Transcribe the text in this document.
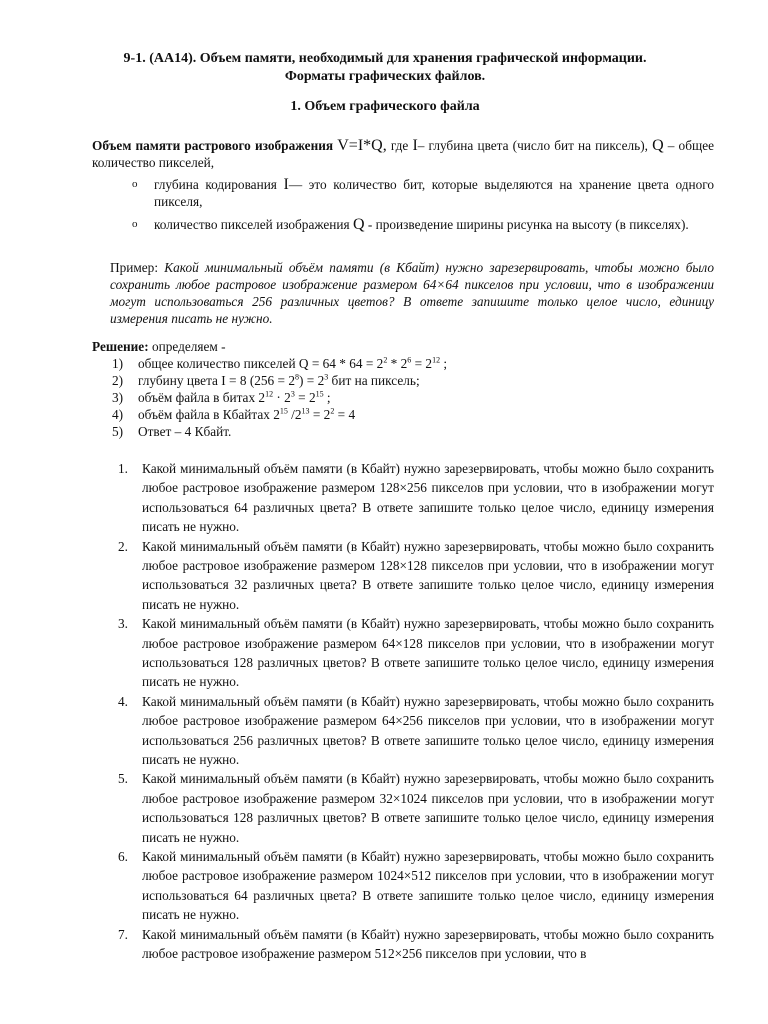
9-1. (АА14). Объем памяти, необходимый для хранения графической информации.
Форматы графических файлов.
1. Объем графического файла
Объем памяти растрового изображения V=I*Q, где I– глубина цвета (число бит на пиксель), Q – общее количество пикселей,
o глубина кодирования I— это количество бит, которые выделяются на хранение цвета одного пикселя,
o количество пикселей изображения Q - произведение ширины рисунка на высоту (в пикселях).
Пример: Какой минимальный объём памяти (в Кбайт) нужно зарезервировать, чтобы можно было сохранить любое растровое изображение размером 64×64 пикселов при условии, что в изображении могут использоваться 256 различных цветов? В ответе запишите только целое число, единицу измерения писать не нужно.
Решение: определяем -
1) общее количество пикселей $Q = 64 * 64 = 2^2 * 2^6 = 2^{12}$ ;
2) глубину цвета I = 8 $(256 = 2^8) = 2^3$ бит на пиксель;
3) объём файла в битах $2^{12} \cdot 2^3 = 2^{15}$ ;
4) объём файла в Кбайтах $2^{15}$ $/2^{13} = 2^2 = 4$
5) Ответ – 4 Кбайт.
1. Какой минимальный объём памяти (в Кбайт) нужно зарезервировать, чтобы можно было сохранить любое растровое изображение размером 128×256 пикселов при условии, что в изображении могут использоваться 64 различных цвета? В ответе запишите только целое число, единицу измерения писать не нужно.
2. Какой минимальный объём памяти (в Кбайт) нужно зарезервировать, чтобы можно было сохранить любое растровое изображение размером 128×128 пикселов при условии, что в изображении могут использоваться 32 различных цвета? В ответе запишите только целое число, единицу измерения писать не нужно.
3. Какой минимальный объём памяти (в Кбайт) нужно зарезервировать, чтобы можно было сохранить любое растровое изображение размером 64×128 пикселов при условии, что в изображении могут использоваться 128 различных цветов? В ответе запишите только целое число, единицу измерения писать не нужно.
4. Какой минимальный объём памяти (в Кбайт) нужно зарезервировать, чтобы можно было сохранить любое растровое изображение размером 64×256 пикселов при условии, что в изображении могут использоваться 256 различных цветов? В ответе запишите только целое число, единицу измерения писать не нужно.
5. Какой минимальный объём памяти (в Кбайт) нужно зарезервировать, чтобы можно было сохранить любое растровое изображение размером 32×1024 пикселов при условии, что в изображении могут использоваться 128 различных цветов? В ответе запишите только целое число, единицу измерения писать не нужно.
6. Какой минимальный объём памяти (в Кбайт) нужно зарезервировать, чтобы можно было сохранить любое растровое изображение размером 1024×512 пикселов при условии, что в изображении могут использоваться 64 различных цвета? В ответе запишите только целое число, единицу измерения писать не нужно.
7. Какой минимальный объём памяти (в Кбайт) нужно зарезервировать, чтобы можно было сохранить любое растровое изображение размером 512×256 пикселов при условии, что в
